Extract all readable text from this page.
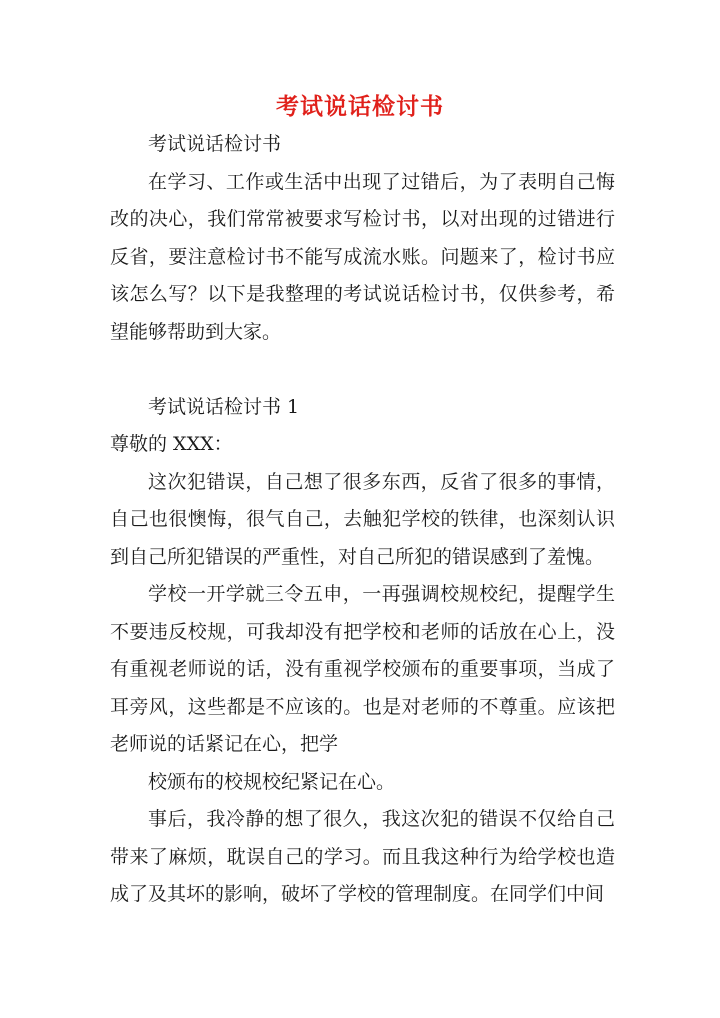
考试说话检讨书

考试说话检讨书

在学习、工作或生活中出现了过错后，为了表明自己悔改的决心，我们常常被要求写检讨书，以对出现的过错进行反省，要注意检讨书不能写成流水账。问题来了，检讨书应该怎么写？以下是我整理的考试说话检讨书，仅供参考，希望能够帮助到大家。

考试说话检讨书 1

尊敬的 XXX：

这次犯错误，自己想了很多东西，反省了很多的事情，自己也很懊悔，很气自己，去触犯学校的铁律，也深刻认识到自己所犯错误的严重性，对自己所犯的错误感到了羞愧。

学校一开学就三令五申，一再强调校规校纪，提醒学生不要违反校规，可我却没有把学校和老师的话放在心上，没有重视老师说的话，没有重视学校颁布的重要事项，当成了耳旁风，这些都是不应该的。也是对老师的不尊重。应该把老师说的话紧记在心，把学

校颁布的校规校纪紧记在心。

事后，我冷静的想了很久，我这次犯的错误不仅给自己带来了麻烦，耽误自己的学习。而且我这种行为给学校也造成了及其坏的影响，破坏了学校的管理制度。在同学们中间
